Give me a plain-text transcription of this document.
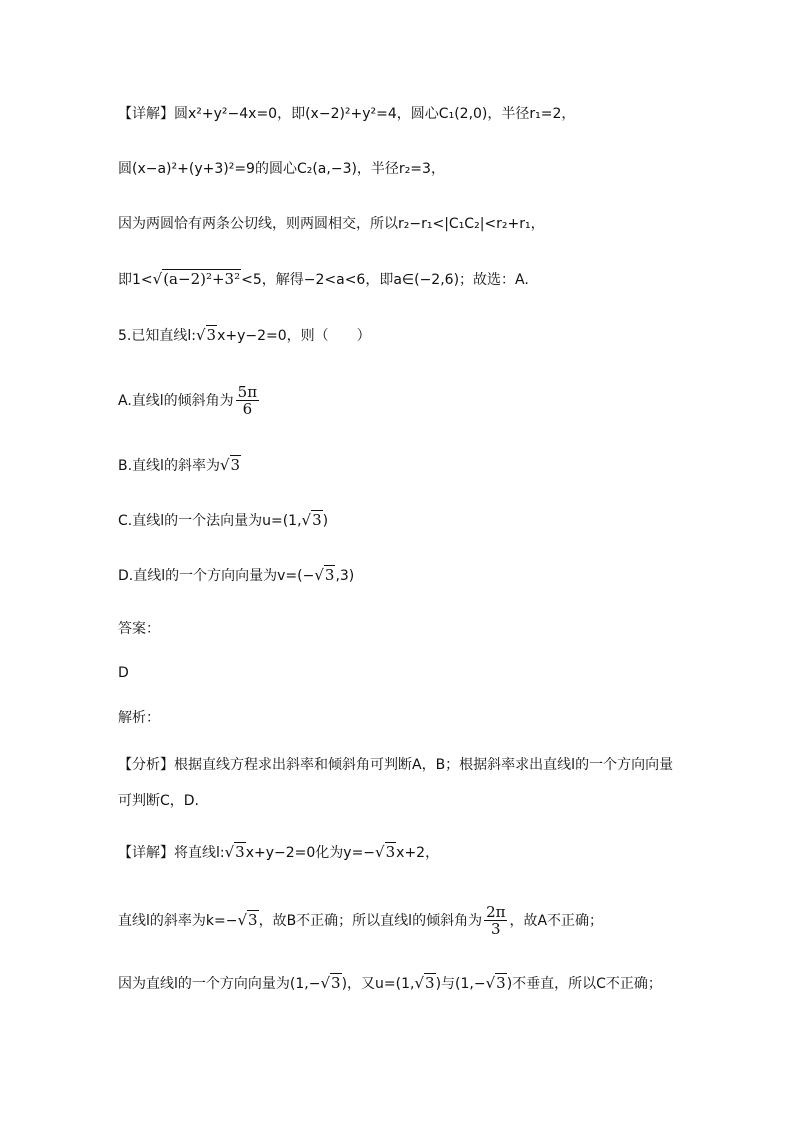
【详解】圆x²+y²−4x=0，即(x−2)²+y²=4，圆心C₁(2,0)，半径r₁=2，
圆(x−a)²+(y+3)²=9的圆心C₂(a,−3)，半径r₂=3，
因为两圆恰有两条公切线，则两圆相交，所以r₂−r₁<|C₁C₂|<r₂+r₁，
即1<√(a−2)²+3²<5，解得−2<a<6，即a∈(−2,6)；故选：A.
5.已知直线l:√3x+y−2=0，则（　　）
A.直线l的倾斜角为 $\frac{5\pi}{6}$
B.直线l的斜率为√3
C.直线l的一个法向量为u=(1,√3)
D.直线l的一个方向向量为v=(−√3,3)
答案：
D
解析：
【分析】根据直线方程求出斜率和倾斜角可判断A，B；根据斜率求出直线l的一个方向向量
可判断C，D.
【详解】将直线l:√3x+y−2=0化为y=−√3x+2，
直线l的斜率为k=−√3，故B不正确；所以直线l的倾斜角为 $\frac{2\pi}{3}$ ，故A不正确；
因为直线l的一个方向向量为(1,−√3)，又u=(1,√3)与(1,−√3)不垂直，所以C不正确；
